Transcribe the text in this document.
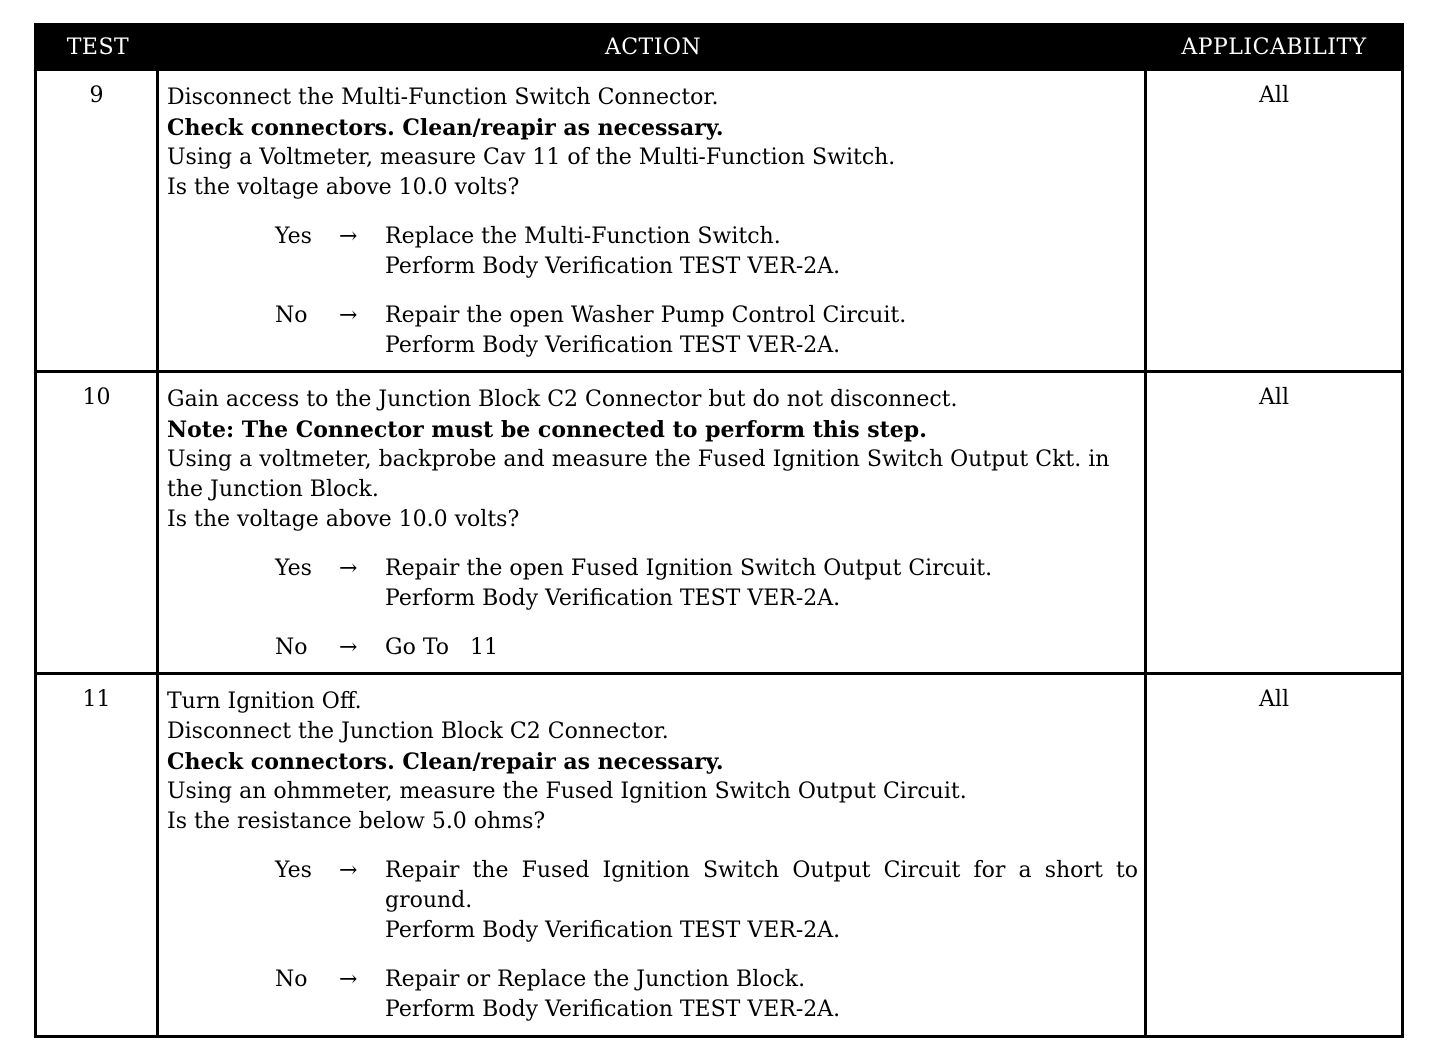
TEST	ACTION	APPLICABILITY
9	Disconnect the Multi-Function Switch Connector.
Check connectors. Clean/reapir as necessary.
Using a Voltmeter, measure Cav 11 of the Multi-Function Switch.
Is the voltage above 10.0 volts?
Yes	→	Replace the Multi-Function Switch.
Perform Body Verification TEST VER-2A.
No	→	Repair the open Washer Pump Control Circuit.
Perform Body Verification TEST VER-2A.
All
10	Gain access to the Junction Block C2 Connector but do not disconnect.
Note: The Connector must be connected to perform this step.
Using a voltmeter, backprobe and measure the Fused Ignition Switch Output Ckt. in the Junction Block.
Is the voltage above 10.0 volts?
Yes	→	Repair the open Fused Ignition Switch Output Circuit.
Perform Body Verification TEST VER-2A.
No	→	Go To   11
All
11	Turn Ignition Off.
Disconnect the Junction Block C2 Connector.
Check connectors. Clean/repair as necessary.
Using an ohmmeter, measure the Fused Ignition Switch Output Circuit.
Is the resistance below 5.0 ohms?
Yes	→	Repair the Fused Ignition Switch Output Circuit for a short to ground.
Perform Body Verification TEST VER-2A.
No	→	Repair or Replace the Junction Block.
Perform Body Verification TEST VER-2A.
All
